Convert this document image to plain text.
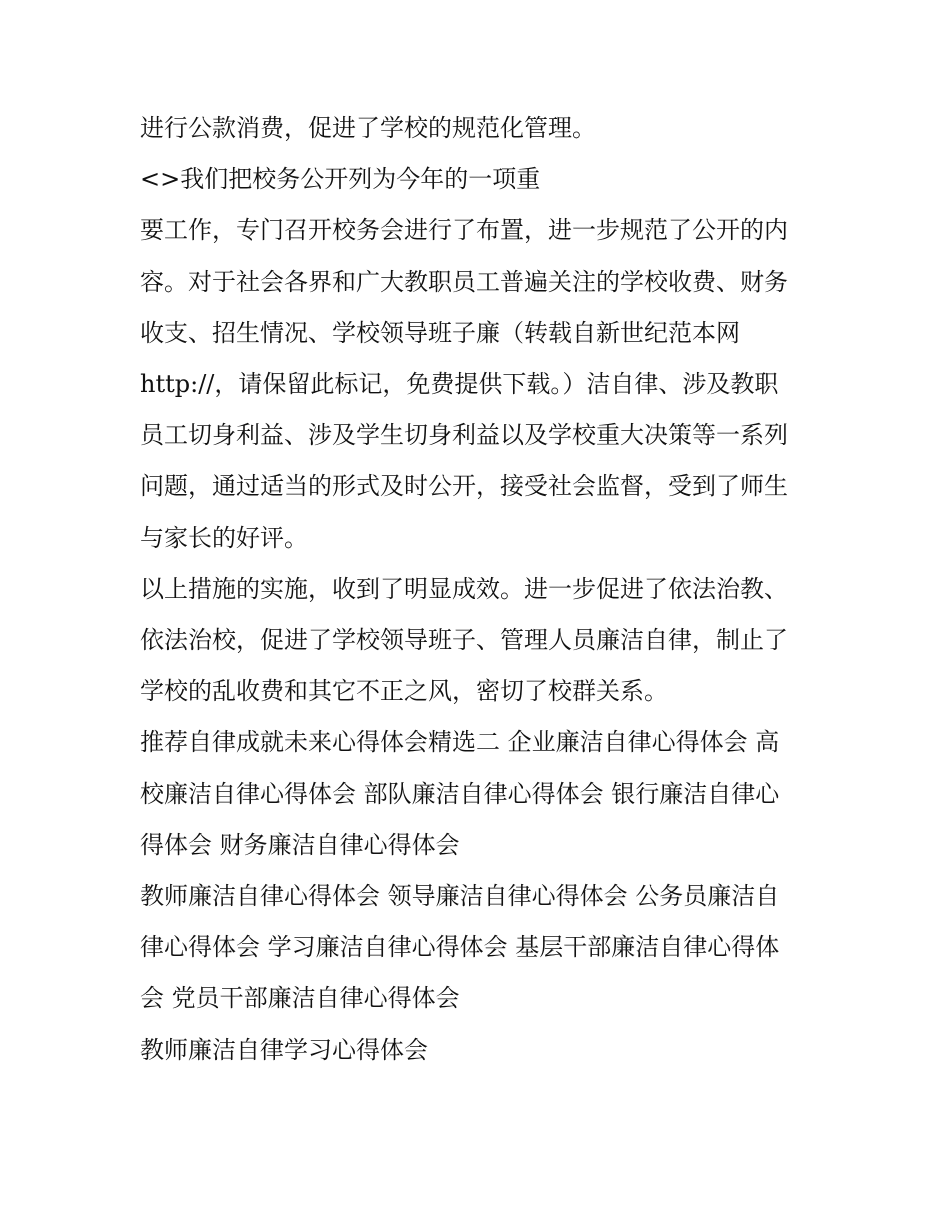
进行公款消费，促进了学校的规范化管理。

<>我们把校务公开列为今年的一项重

要工作，专门召开校务会进行了布置，进一步规范了公开的内
容。对于社会各界和广大教职员工普遍关注的学校收费、财务
收支、招生情况、学校领导班子廉（转载自新世纪范本网
http://，请保留此标记，免费提供下载。）洁自律、涉及教职
员工切身利益、涉及学生切身利益以及学校重大决策等一系列
问题，通过适当的形式及时公开，接受社会监督，受到了师生
与家长的好评。

以上措施的实施，收到了明显成效。进一步促进了依法治教、
依法治校，促进了学校领导班子、管理人员廉洁自律，制止了
学校的乱收费和其它不正之风，密切了校群关系。

推荐自律成就未来心得体会精选二 企业廉洁自律心得体会 高
校廉洁自律心得体会 部队廉洁自律心得体会 银行廉洁自律心
得体会 财务廉洁自律心得体会

教师廉洁自律心得体会 领导廉洁自律心得体会 公务员廉洁自
律心得体会 学习廉洁自律心得体会 基层干部廉洁自律心得体
会 党员干部廉洁自律心得体会

教师廉洁自律学习心得体会
